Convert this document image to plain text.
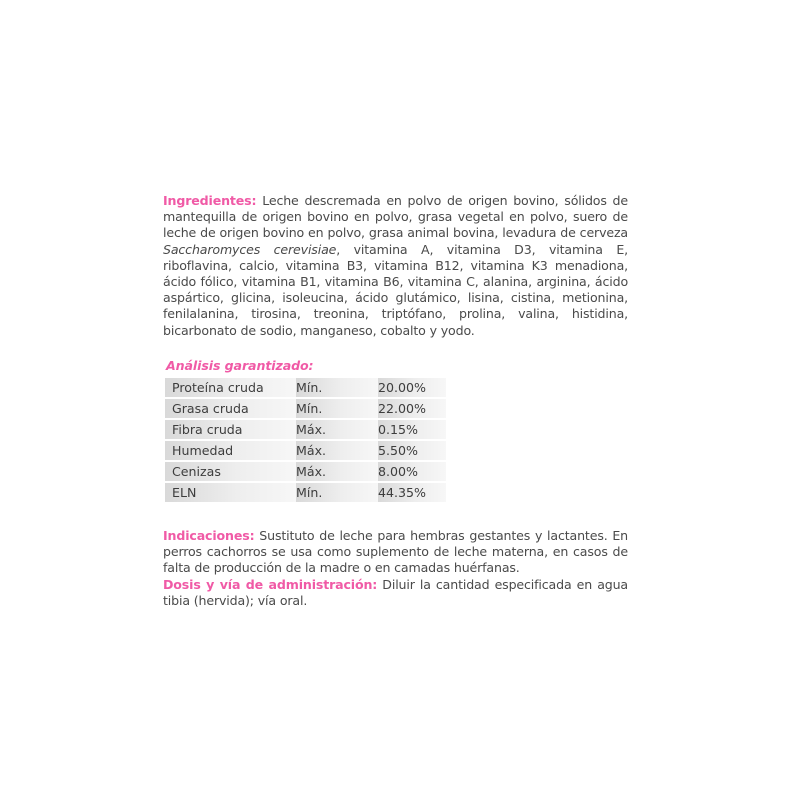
Ingredientes: Leche descremada en polvo de origen bovino, sólidos de mantequilla de origen bovino en polvo, grasa vegetal en polvo, suero de leche de origen bovino en polvo, grasa animal bovina, levadura de cerveza Saccharomyces cerevisiae, vitamina A, vitamina D3, vitamina E, riboflavina, calcio, vitamina B3, vitamina B12, vitamina K3 menadiona, ácido fólico, vitamina B1, vitamina B6, vitamina C, alanina, arginina, ácido aspártico, glicina, isoleucina, ácido glutámico, lisina, cistina, metionina, fenilalanina, tirosina, treonina, triptófano, prolina, valina, histidina, bicarbonato de sodio, manganeso, cobalto y yodo.
Análisis garantizado:
Proteína cruda	Mín.	20.00%
Grasa cruda	Mín.	22.00%
Fibra cruda	Máx.	0.15%
Humedad	Máx.	5.50%
Cenizas	Máx.	8.00%
ELN	Mín.	44.35%
Indicaciones: Sustituto de leche para hembras gestantes y lactantes. En perros cachorros se usa como suplemento de leche materna, en casos de falta de producción de la madre o en camadas huérfanas.
Dosis y vía de administración: Diluir la cantidad especificada en agua tibia (hervida); vía oral.
